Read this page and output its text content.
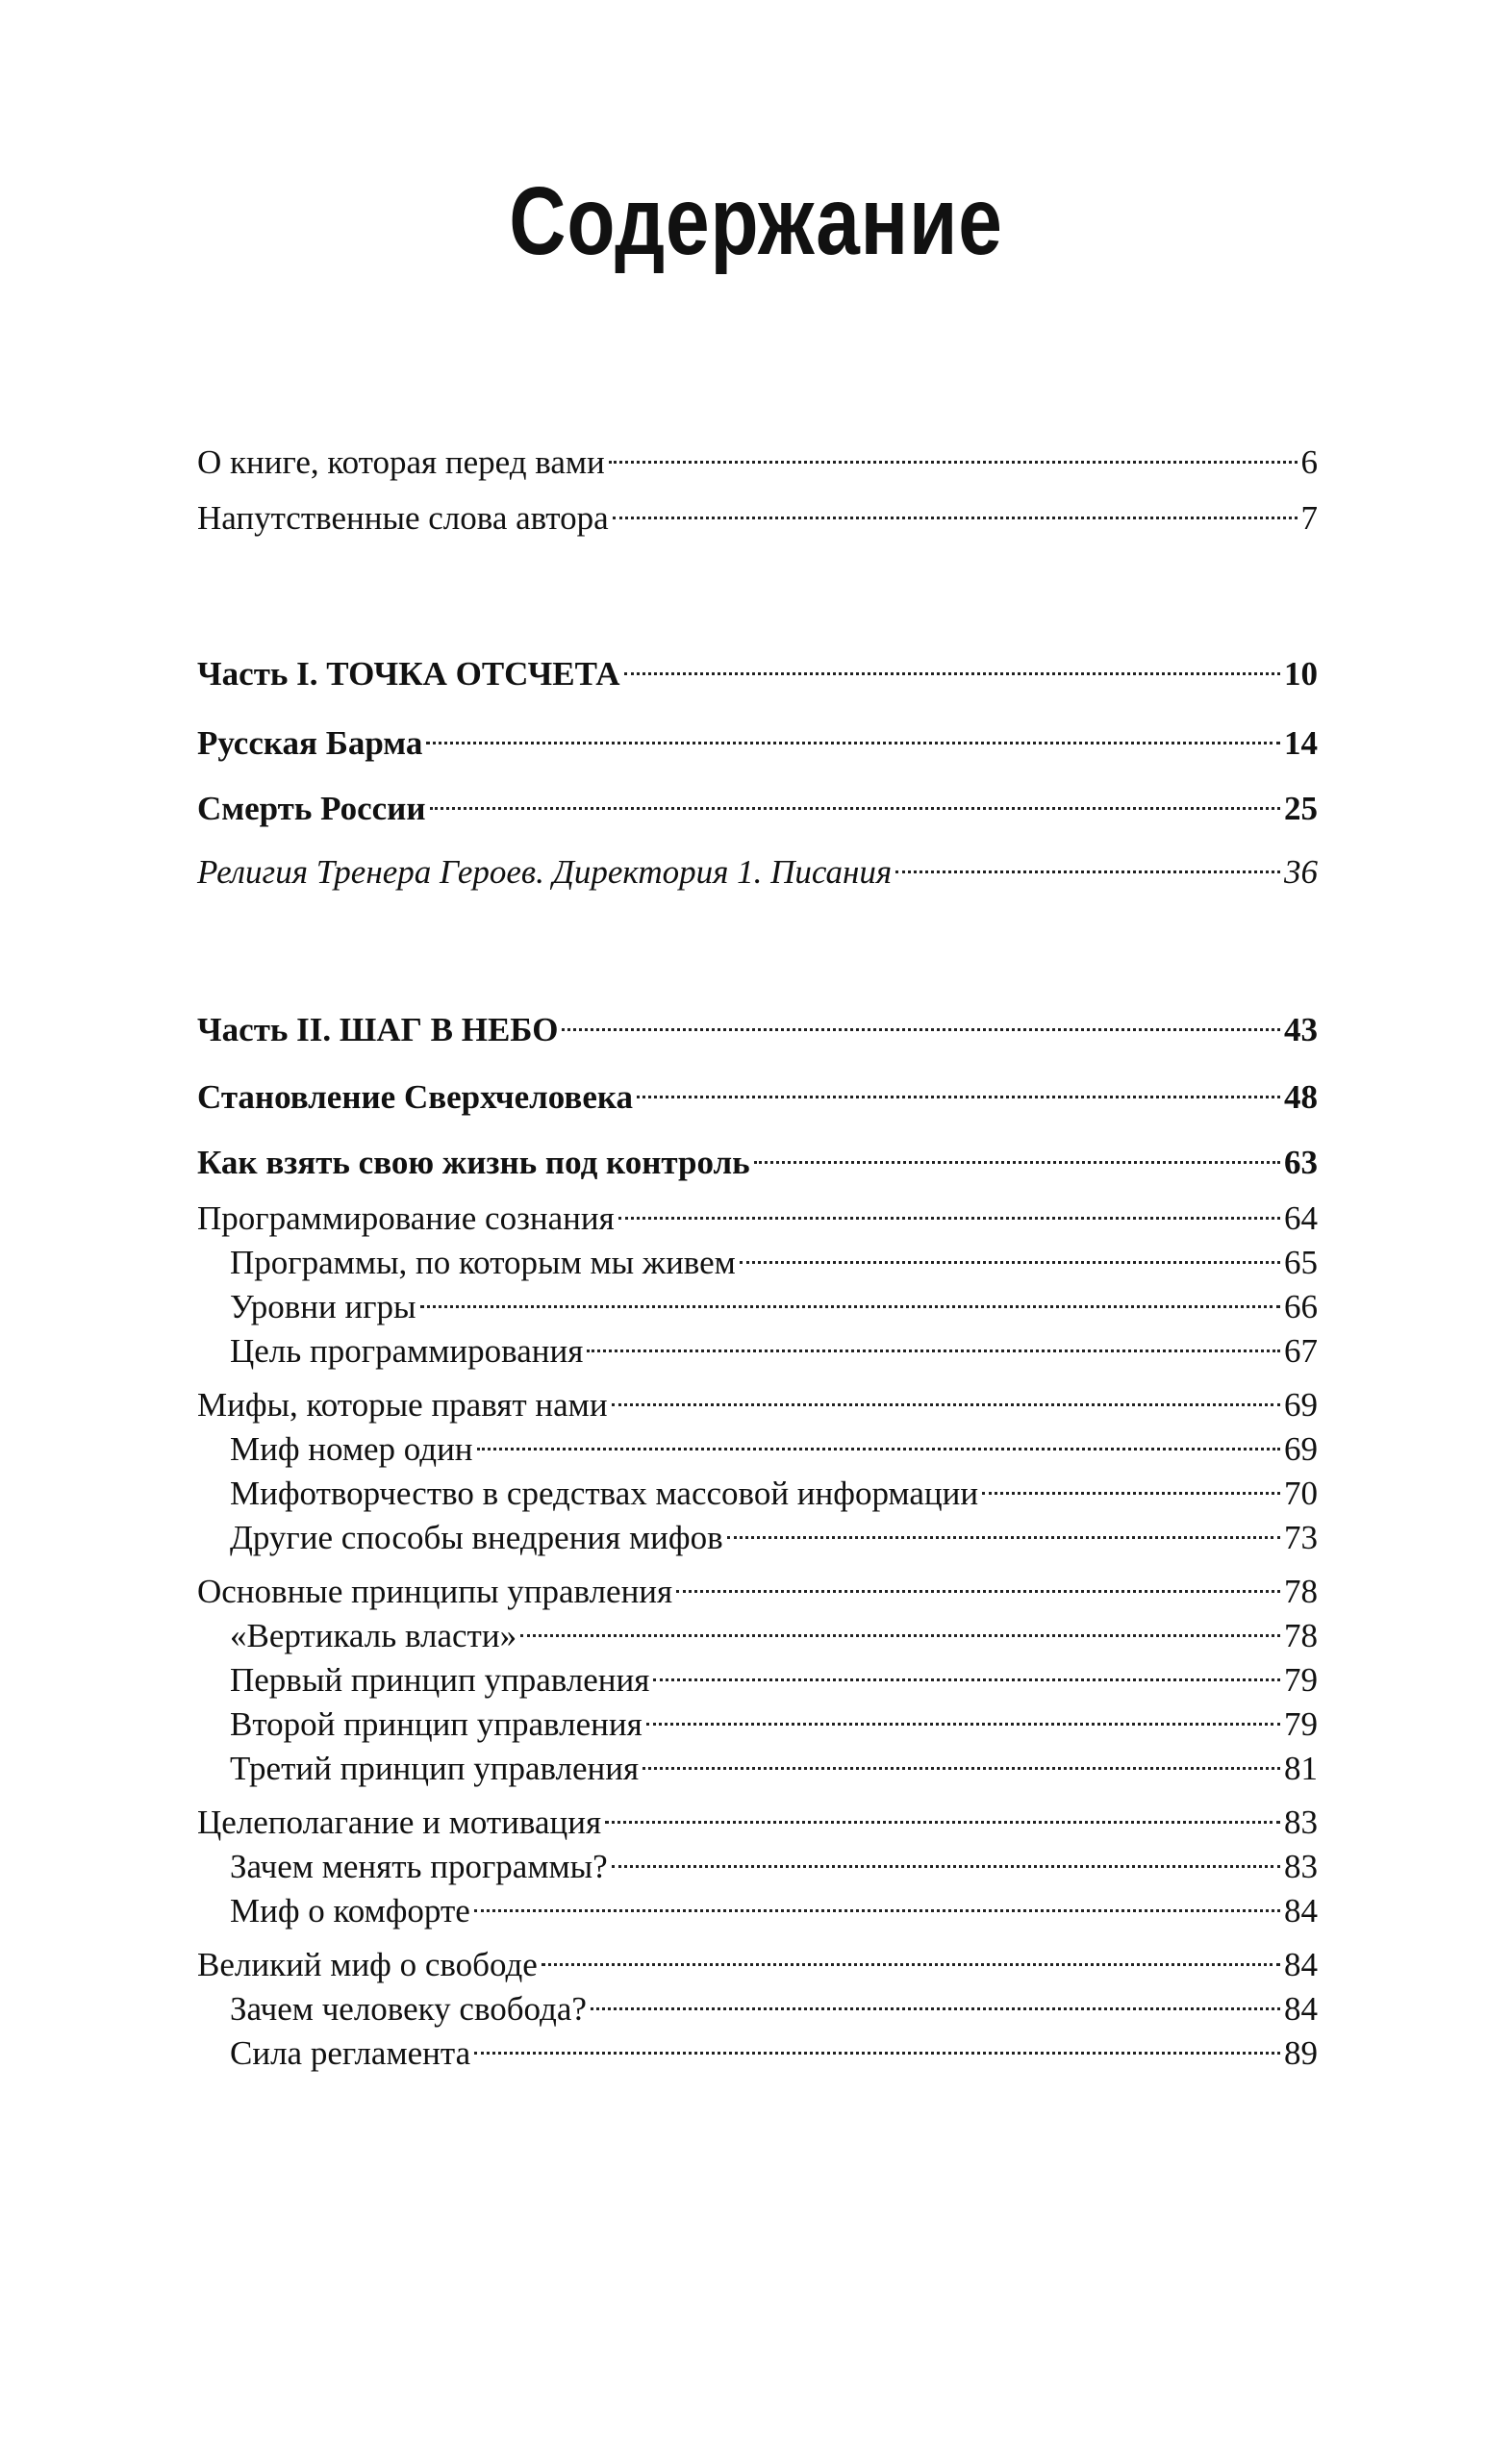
Содержание
О книге, которая перед вами	6
Напутственные слова автора	7
Часть I. ТОЧКА ОТСЧЕТА	10
Русская Барма	14
Смерть России	25
Религия Тренера Героев. Директория 1. Писания	36
Часть II. ШАГ В НЕБО	43
Становление Сверхчеловека	48
Как взять свою жизнь под контроль	63
Программирование сознания	64
Программы, по которым мы живем	65
Уровни игры	66
Цель программирования	67
Мифы, которые правят нами	69
Миф номер один	69
Мифотворчество в средствах массовой информации	70
Другие способы внедрения мифов	73
Основные принципы управления	78
«Вертикаль власти»	78
Первый принцип управления	79
Второй принцип управления	79
Третий принцип управления	81
Целеполагание и мотивация	83
Зачем менять программы?	83
Миф о комфорте	84
Великий миф о свободе	84
Зачем человеку свобода?	84
Сила регламента	89
